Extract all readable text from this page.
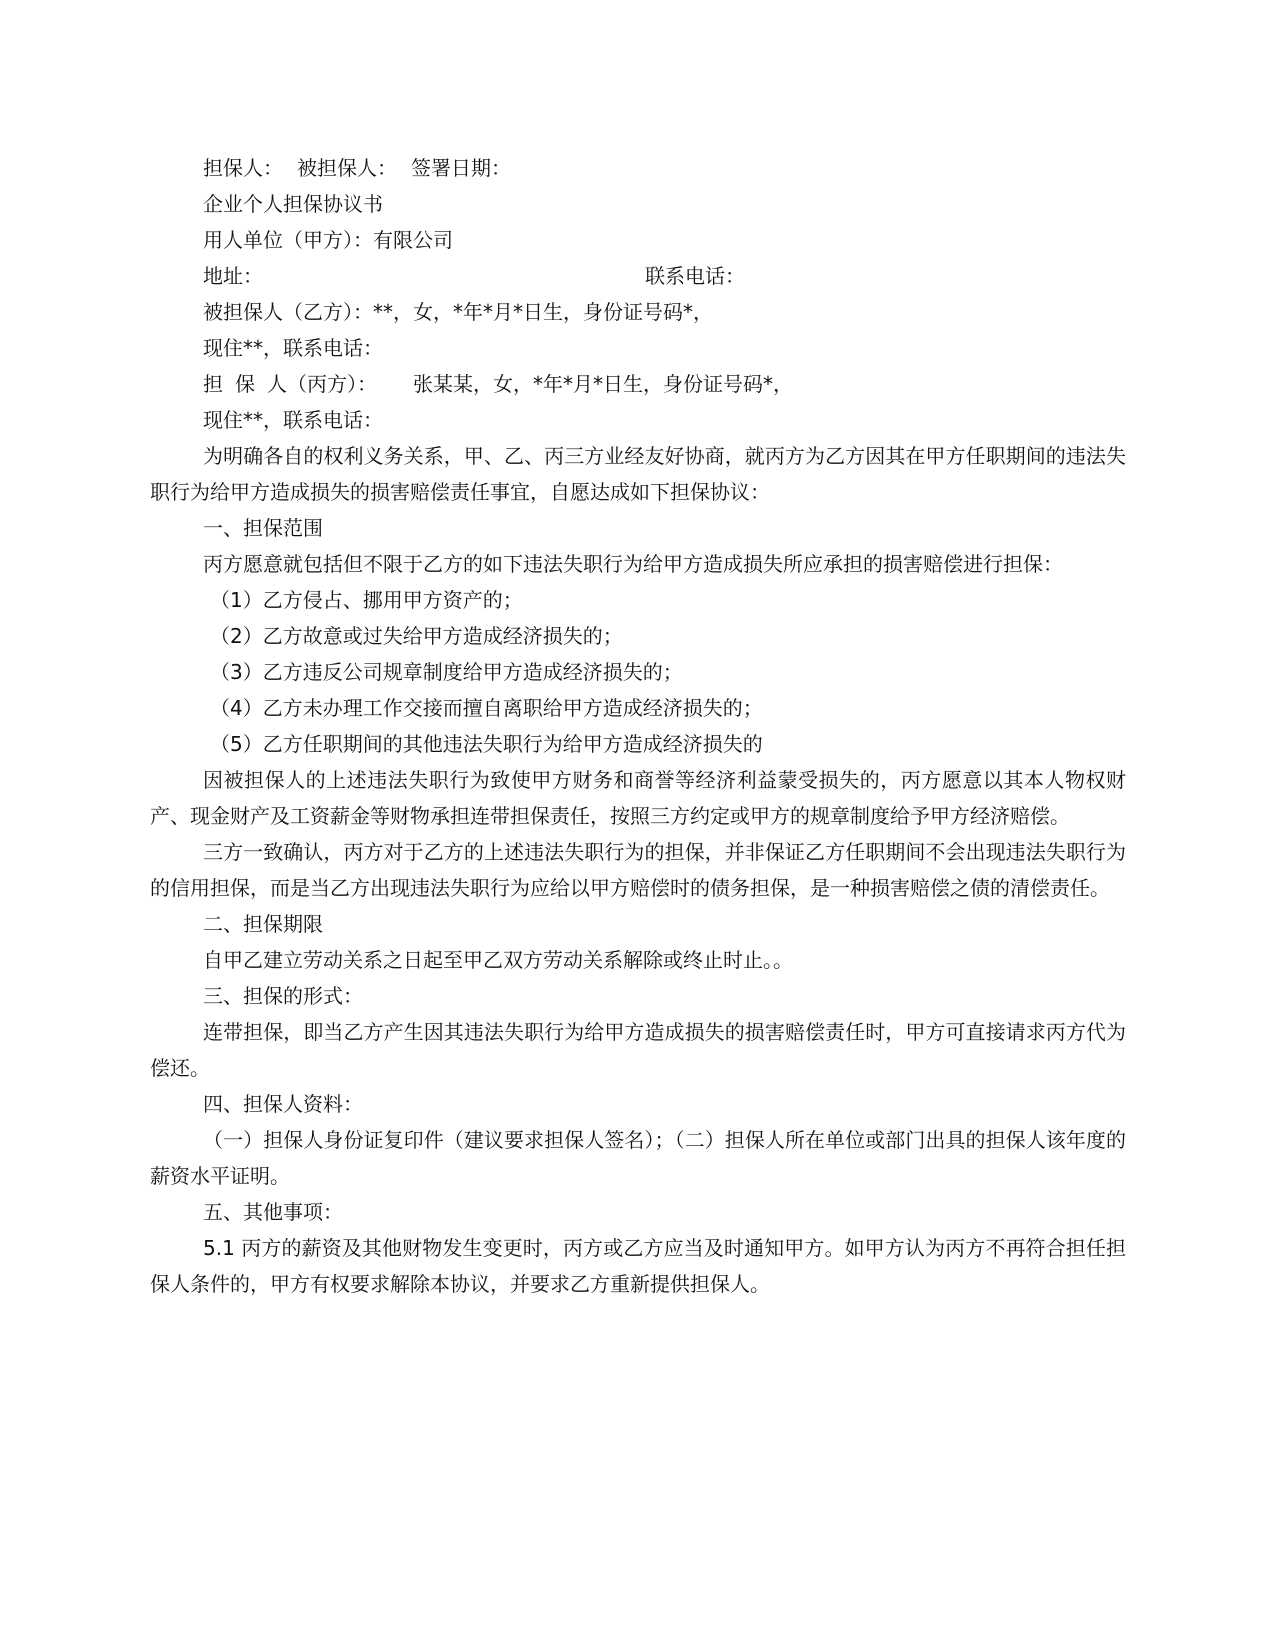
担保人： 被担保人： 签署日期：
企业个人担保协议书
用人单位（甲方）：有限公司
地址：	联系电话：
被担保人（乙方）：**，女，*年*月*日生，身份证号码*，
现住**，联系电话：
担 保 人（丙方）： 张某某，女，*年*月*日生，身份证号码*，
现住**，联系电话：
为明确各自的权利义务关系，甲、乙、丙三方业经友好协商，就丙方为乙方因其在甲方任职期间的违法失职行为给甲方造成损失的损害赔偿责任事宜，自愿达成如下担保协议：
一、担保范围
丙方愿意就包括但不限于乙方的如下违法失职行为给甲方造成损失所应承担的损害赔偿进行担保：
（1）乙方侵占、挪用甲方资产的；
（2）乙方故意或过失给甲方造成经济损失的；
（3）乙方违反公司规章制度给甲方造成经济损失的；
（4）乙方未办理工作交接而擅自离职给甲方造成经济损失的；
（5）乙方任职期间的其他违法失职行为给甲方造成经济损失的
因被担保人的上述违法失职行为致使甲方财务和商誉等经济利益蒙受损失的，丙方愿意以其本人物权财产、现金财产及工资薪金等财物承担连带担保责任，按照三方约定或甲方的规章制度给予甲方经济赔偿。
三方一致确认，丙方对于乙方的上述违法失职行为的担保，并非保证乙方任职期间不会出现违法失职行为的信用担保，而是当乙方出现违法失职行为应给以甲方赔偿时的债务担保，是一种损害赔偿之债的清偿责任。
二、担保期限
自甲乙建立劳动关系之日起至甲乙双方劳动关系解除或终止时止。。
三、担保的形式：
连带担保，即当乙方产生因其违法失职行为给甲方造成损失的损害赔偿责任时，甲方可直接请求丙方代为偿还。
四、担保人资料：
（一）担保人身份证复印件（建议要求担保人签名）；（二）担保人所在单位或部门出具的担保人该年度的薪资水平证明。
五、其他事项：
5.1 丙方的薪资及其他财物发生变更时，丙方或乙方应当及时通知甲方。如甲方认为丙方不再符合担任担保人条件的，甲方有权要求解除本协议，并要求乙方重新提供担保人。
